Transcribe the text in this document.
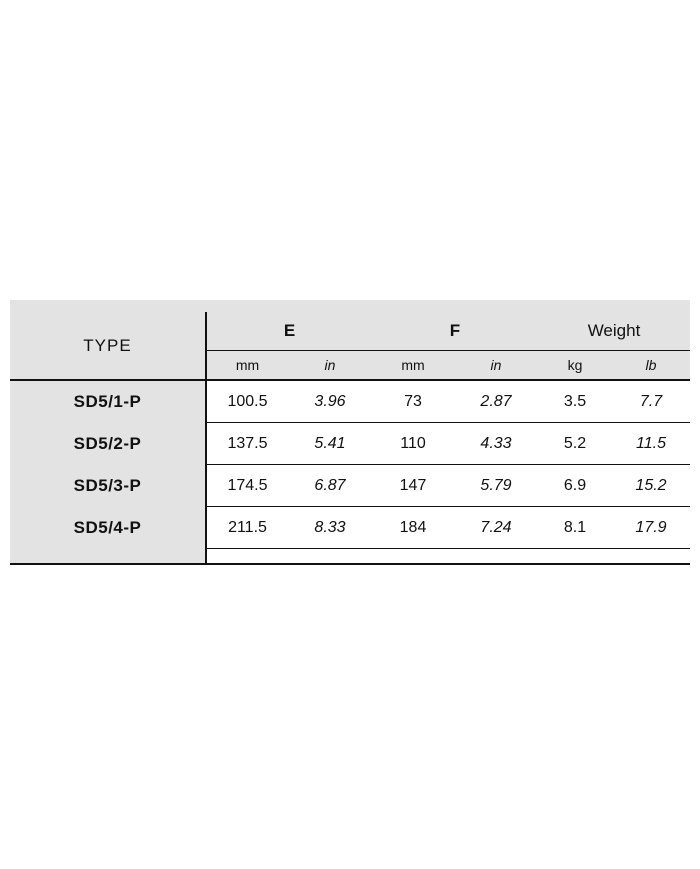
TYPE	E		F		Weight	
	mm	in	mm	in	kg	lb
SD5/1-P	100.5	3.96	73	2.87	3.5	7.7
SD5/2-P	137.5	5.41	110	4.33	5.2	11.5
SD5/3-P	174.5	6.87	147	5.79	6.9	15.2
SD5/4-P	211.5	8.33	184	7.24	8.1	17.9
